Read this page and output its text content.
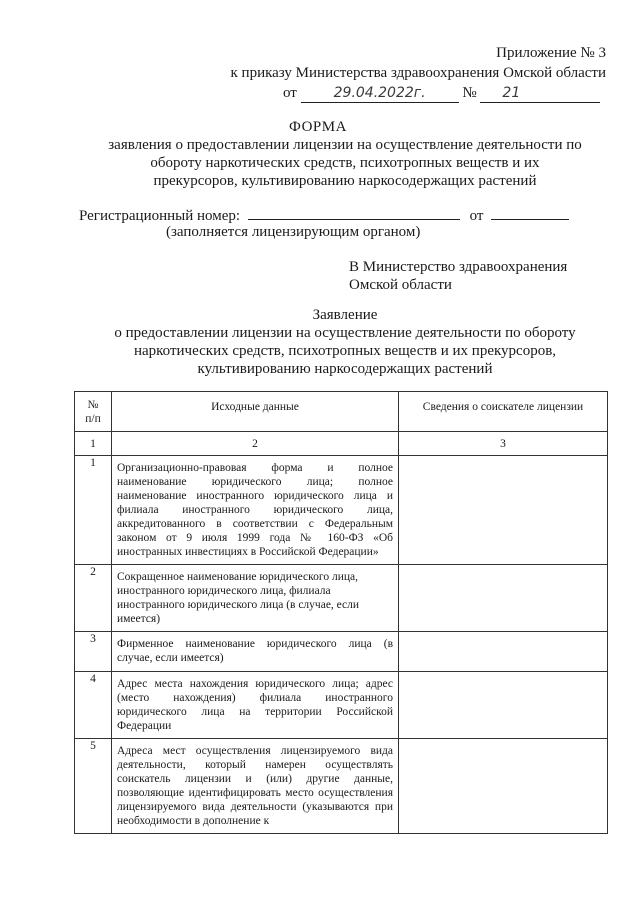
Приложение № 3
к приказу Министерства здравоохранения Омской области
от	29.04.2022г. № 21
ФОРМА
заявления о предоставлении лицензии на осуществление деятельности по
обороту наркотических средств, психотропных веществ и их
прекурсоров, культивированию наркосодержащих растений
Регистрационный номер:	от
(заполняется лицензирующим органом)
В Министерство здравоохранения
Омской области
Заявление
о предоставлении лицензии на осуществление деятельности по обороту
наркотических средств, психотропных веществ и их прекурсоров,
культивированию наркосодержащих растений
№ п/п	Исходные данные	Сведения о соискателе лицензии
1	2	3
1	Организационно-правовая форма и полное наименование юридического лица; полное наименование иностранного юридического лица и филиала иностранного юридического лица, аккредитованного в соответствии с Федеральным законом от 9 июля 1999 года № 160-ФЗ «Об иностранных инвестициях в Российской Федерации»	

2	Сокращенное наименование юридического лица, иностранного юридического лица, филиала иностранного юридического лица (в случае, если имеется)	

3	Фирменное наименование юридического лица (в случае, если имеется)	

4	Адрес места нахождения юридического лица; адрес (место нахождения) филиала иностранного юридического лица на территории Российской Федерации	

5	Адреса мест осуществления лицензируемого вида деятельности, который намерен осуществлять соискатель лицензии и (или) другие данные, позволяющие идентифицировать место осуществления лицензируемого вида деятельности (указываются при необходимости в дополнение к	
